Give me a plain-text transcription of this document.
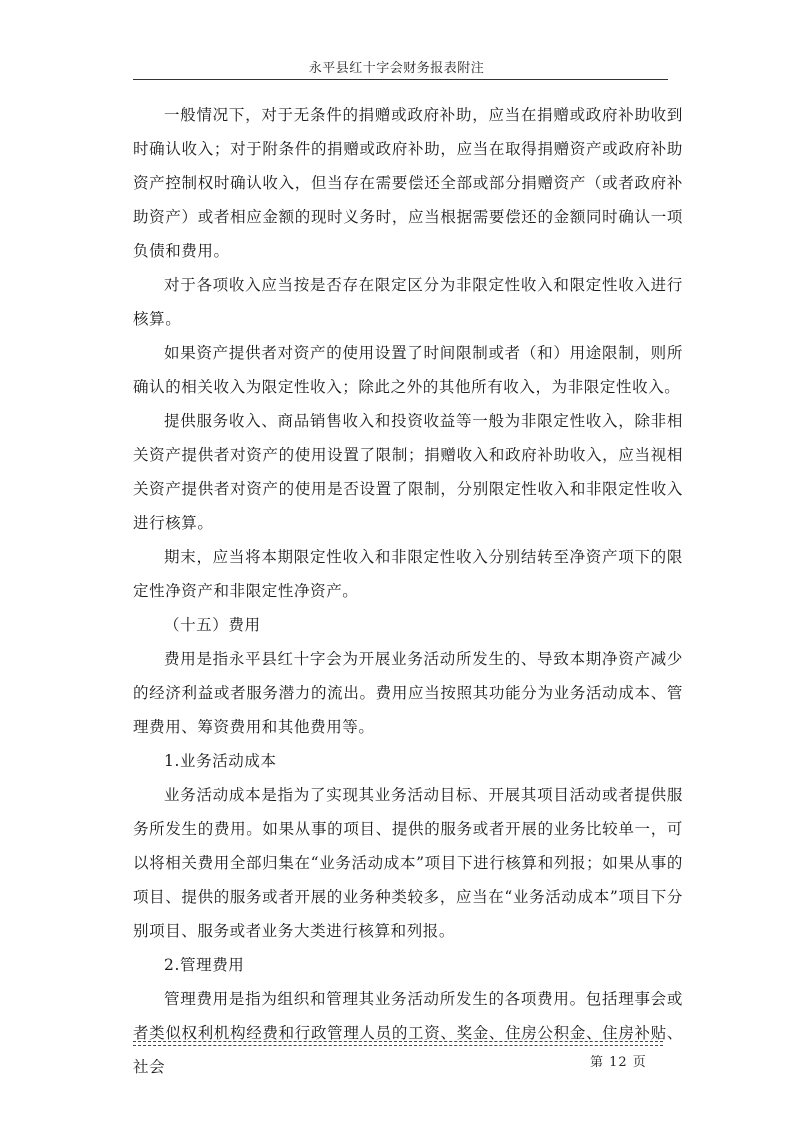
永平县红十字会财务报表附注

一般情况下，对于无条件的捐赠或政府补助，应当在捐赠或政府补助收到时确认收入；对于附条件的捐赠或政府补助，应当在取得捐赠资产或政府补助资产控制权时确认收入，但当存在需要偿还全部或部分捐赠资产（或者政府补助资产）或者相应金额的现时义务时，应当根据需要偿还的金额同时确认一项负债和费用。

对于各项收入应当按是否存在限定区分为非限定性收入和限定性收入进行核算。

如果资产提供者对资产的使用设置了时间限制或者（和）用途限制，则所确认的相关收入为限定性收入；除此之外的其他所有收入，为非限定性收入。

提供服务收入、商品销售收入和投资收益等一般为非限定性收入，除非相关资产提供者对资产的使用设置了限制；捐赠收入和政府补助收入，应当视相关资产提供者对资产的使用是否设置了限制，分别限定性收入和非限定性收入进行核算。

期末，应当将本期限定性收入和非限定性收入分别结转至净资产项下的限定性净资产和非限定性净资产。

（十五）费用

费用是指永平县红十字会为开展业务活动所发生的、导致本期净资产减少的经济利益或者服务潜力的流出。费用应当按照其功能分为业务活动成本、管理费用、筹资费用和其他费用等。

1.业务活动成本

业务活动成本是指为了实现其业务活动目标、开展其项目活动或者提供服务所发生的费用。如果从事的项目、提供的服务或者开展的业务比较单一，可以将相关费用全部归集在“业务活动成本”项目下进行核算和列报；如果从事的项目、提供的服务或者开展的业务种类较多，应当在“业务活动成本”项目下分别项目、服务或者业务大类进行核算和列报。

2.管理费用

管理费用是指为组织和管理其业务活动所发生的各项费用。包括理事会或者类似权利机构经费和行政管理人员的工资、奖金、住房公积金、住房补贴、社会	第 12 页
